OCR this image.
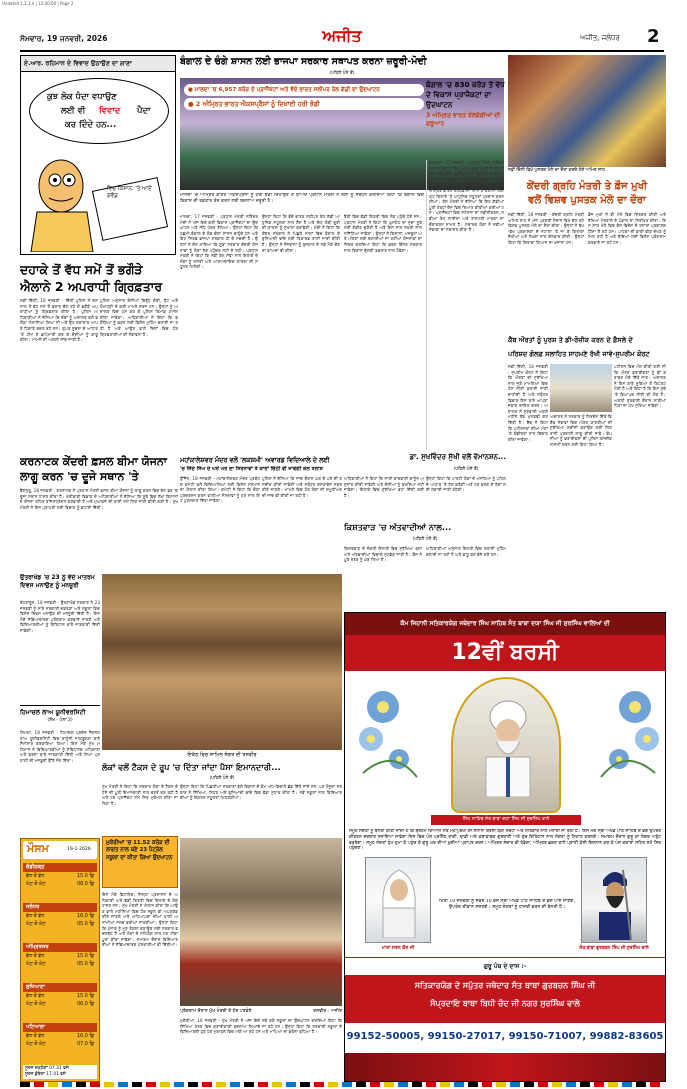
Undated 1.2.3.4 | 12:00:00 | Page 2
ਸੋਮਵਾਰ, 19 ਜਨਵਰੀ, 2026	ਅਜੀਤ	ਅਜੀਤ, ਜਲੰਧਰ 2
ਏ.ਆਰ. ਰਹਿਮਾਨ ਦੇ ਵਿਵਾਦ ਉਠਾਉਣ ਦਾ ਗਾਣਾ
ਕੁਝ ਲੋਕ ਧੰਦਾ ਵਧਾਉਣ
ਲਈ ਵੀ ਵਿਵਾਦ ਪੈਦਾ
ਕਰ ਦਿੰਦੇ ਹਨ...
ਵਿਚ ਕਿਸਾਨ, 'ਤੇ ਆਏ ਗਵੰਡ
ਦਹਾਕੇ ਤੋਂ ਵੱਧ ਸਮੇਂ ਤੋਂ ਭਗੌੜੇ
ਐਲਾਨੇ 2 ਅਪਰਾਧੀ ਗ੍ਰਿਫ਼ਤਾਰ
ਨਵੀਂ ਦਿੱਲੀ, 18 ਜਨਵਰੀ - ਦਿੱਲੀ ਪੁਲਿਸ ਨੇ ਦਸ ਸਾਲ ਤੋਂ ਵੱਧ ਸਮੇਂ ਤੋਂ ਫ਼ਰਾਰ ਚੱਲ ਰਹੇ ਦੋ ਭਗੌੜੇ ਅਪਰਾਧੀਆਂ ਨੂੰ ਗ੍ਰਿਫ਼ਤਾਰ ਕੀਤਾ ਹੈ। ਪੁਲਿਸ ਅਧਿਕਾਰੀਆਂ ਨੇ ਦੱਸਿਆ ਕਿ ਦੋਵਾਂ ਨੂੰ ਅਦਾਲਤ ਵਲੋਂ ਭਗੌੜਾ ਐਲਾਨਿਆ ਗਿਆ ਸੀ ਅਤੇ ਉਹ ਲਗਾਤਾਰ ਆਪਣੇ ਟਿਕਾਣੇ ਬਦਲ ਰਹੇ ਸਨ। ਗੁਪਤ ਸੂਚਨਾ ਦੇ ਆਧਾਰ 'ਤੇ ਟੀਮ ਨੇ ਛਾਪੇਮਾਰੀ ਕਰ ਕੇ ਦੋਸ਼ੀਆਂ ਨੂੰ ਕਾਬੂ ਕੀਤਾ। ਮਾਮਲੇ ਦੀ ਅਗਲੀ ਜਾਂਚ ਜਾਰੀ ਹੈ।
ਪੁਲਿਸ ਅਨੁਸਾਰ ਦੋਸ਼ੀਆਂ ਵਿਰੁੱਧ ਚੋਰੀ, ਲੁੱਟ ਅਤੇ ਧੋਖਾਧੜੀ ਦੇ ਕਈ ਮਾਮਲੇ ਦਰਜ ਹਨ। ਉਨ੍ਹਾਂ ਨੂੰ ਅਦਾਲਤ ਵਿਚ ਪੇਸ਼ ਕਰ ਕੇ ਪੁਲਿਸ ਰਿਮਾਂਡ ਹਾਸਲ ਕੀਤਾ ਜਾਵੇਗਾ। ਅਧਿਕਾਰੀਆਂ ਨੇ ਕਿਹਾ ਕਿ ਭਗੌੜਿਆਂ ਨੂੰ ਫੜਨ ਲਈ ਵਿਸ਼ੇਸ਼ ਮੁਹਿੰਮ ਚਲਾਈ ਜਾ ਰਹੀ ਹੈ ਅਤੇ ਆਉਣ ਵਾਲੇ ਦਿਨਾਂ ਵਿਚ ਹੋਰ ਗ੍ਰਿਫ਼ਤਾਰੀਆਂ ਦੀ ਸੰਭਾਵਨਾ ਹੈ।
ਕਰਨਾਟਕ ਕੇਂਦਰੀ ਫ਼ਸਲ ਬੀਮਾ ਯੋਜਨਾ
ਲਾਗੂ ਕਰਨ 'ਚ ਦੂਜੇ ਸਥਾਨ 'ਤੇ
ਬੈਂਗਲੁਰੂ, 18 ਜਨਵਰੀ - ਕਰਨਾਟਕ ਨੇ ਪ੍ਰਧਾਨ ਮੰਤਰੀ ਫ਼ਸਲ ਬੀਮਾ ਯੋਜਨਾ ਨੂੰ ਲਾਗੂ ਕਰਨ ਵਿਚ ਦੇਸ਼ ਭਰ 'ਚ ਦੂਜਾ ਸਥਾਨ ਹਾਸਲ ਕੀਤਾ ਹੈ। ਖੇਤੀਬਾੜੀ ਵਿਭਾਗ ਦੇ ਅਧਿਕਾਰੀਆਂ ਨੇ ਦੱਸਿਆ ਕਿ ਸੂਬੇ ਵਿਚ ਲੱਖਾਂ ਕਿਸਾਨਾਂ ਨੇ ਯੋਜਨਾ ਤਹਿਤ ਰਜਿਸਟ੍ਰੇਸ਼ਨ ਕਰਵਾਈ ਹੈ ਅਤੇ ਮੁਆਵਜ਼ੇ ਦੀ ਰਾਸ਼ੀ ਸਮੇਂ ਸਿਰ ਜਾਰੀ ਕੀਤੀ ਗਈ ਹੈ। ਮੁੱਖ ਮੰਤਰੀ ਨੇ ਇਸ ਪ੍ਰਾਪਤੀ ਲਈ ਵਿਭਾਗ ਨੂੰ ਵਧਾਈ ਦਿੱਤੀ।
ਉਤਰਾਖੰਡ 'ਚ 23 ਨੂੰ ਵੰਦੇ ਮਾਤਰਮ ਦਿਵਸ ਮਨਾਉਣ ਨੂੰ ਮਨਜ਼ੂਰੀ
ਦੇਹਰਾਦੂਨ, 18 ਜਨਵਰੀ - ਉਤਰਾਖੰਡ ਸਰਕਾਰ ਨੇ 23 ਜਨਵਰੀ ਨੂੰ ਸਾਰੇ ਸਰਕਾਰੀ ਦਫ਼ਤਰਾਂ ਅਤੇ ਸਕੂਲਾਂ ਵਿਚ ਵਿਸ਼ੇਸ਼ ਦਿਵਸ ਮਨਾਉਣ ਦੀ ਮਨਜ਼ੂਰੀ ਦਿੱਤੀ ਹੈ। ਇਸ ਮੌਕੇ ਸੱਭਿਆਚਾਰਕ ਪ੍ਰੋਗਰਾਮ ਕਰਵਾਏ ਜਾਣਗੇ ਅਤੇ ਵਿਦਿਆਰਥੀਆਂ ਨੂੰ ਇਤਿਹਾਸ ਬਾਰੇ ਜਾਣਕਾਰੀ ਦਿੱਤੀ ਜਾਵੇਗੀ।
ਇਕੱਠ ਵਿਚ ਸ਼ਾਮਿਲ ਸੰਗਤ ਦੀ ਤਸਵੀਰ
ਹਿਮਾਚਲ ਲਾਅ ਯੂਨੀਵਰਸਿਟੀ
(ਲੇਖ - ਪੰਨਾ 2)
ਸ਼ਿਮਲਾ, 18 ਜਨਵਰੀ - ਹਿਮਾਚਲ ਪ੍ਰਦੇਸ਼ ਨੈਸ਼ਨਲ ਲਾਅ ਯੂਨੀਵਰਸਿਟੀ ਵਿਚ ਕਾਨੂੰਨੀ ਜਾਗਰੂਕਤਾ ਬਾਰੇ ਸੈਮੀਨਾਰ ਕਰਵਾਇਆ ਗਿਆ। ਇਸ ਮੌਕੇ ਮੁੱਖ ਮਹਿਮਾਨ ਨੇ ਵਿਦਿਆਰਥੀਆਂ ਨੂੰ ਸੰਵਿਧਾਨਕ ਅਧਿਕਾਰਾਂ ਅਤੇ ਫ਼ਰਜ਼ਾਂ ਬਾਰੇ ਜਾਣਕਾਰੀ ਦਿੱਤੀ ਅਤੇ ਨਿਆਂ ਪ੍ਰਣਾਲੀ ਦੀ ਮਜ਼ਬੂਤੀ ਉੱਤੇ ਜ਼ੋਰ ਦਿੱਤਾ।
ਮੌਸਮ	19-1-2026
ਚੰਡੀਗੜ੍ਹ
ਵੱਧ ਤੋਂ ਵੱਧ	15.0 ਡਿ
ਘੱਟ ਤੋਂ ਘੱਟ	08.0 ਡਿ
ਜਲੰਧਰ
ਵੱਧ ਤੋਂ ਵੱਧ	16.0 ਡਿ
ਘੱਟ ਤੋਂ ਘੱਟ	05.0 ਡਿ
ਅੰਮ੍ਰਿਤਸਰ
ਵੱਧ ਤੋਂ ਵੱਧ	15.0 ਡਿ
ਘੱਟ ਤੋਂ ਘੱਟ	05.0 ਡਿ
ਲੁਧਿਆਣਾ
ਵੱਧ ਤੋਂ ਵੱਧ	15.0 ਡਿ
ਘੱਟ ਤੋਂ ਘੱਟ	06.0 ਡਿ
ਪਟਿਆਲਾ
ਵੱਧ ਤੋਂ ਵੱਧ	16.0 ਡਿ
ਘੱਟ ਤੋਂ ਘੱਟ	07.0 ਡਿ
ਸੂਰਜ ਚੜ੍ਹੇਗਾ 07.31 ਵਜੇ
ਸੂਰਜ ਡੁੱਬੇਗਾ 17.41 ਵਜੇ
ਲੋਕਾਂ ਵਲੋਂ ਟੈਕਸ ਦੇ ਰੂਪ 'ਚ ਦਿੱਤਾ ਜਾਂਦਾ ਪੈਸਾ ਇਮਾਨਦਾਰੀ...
(ਪਹਿਲੇ ਪੰਨੇ ਤੋਂ)
ਮੁੱਖ ਮੰਤਰੀ ਨੇ ਕਿਹਾ ਕਿ ਸਰਕਾਰ ਲੋਕਾਂ ਦੇ ਟੈਕਸ ਦੇ ਪੈਸੇ ਦੀ ਪੂਰੀ ਇਮਾਨਦਾਰੀ ਨਾਲ ਵਰਤੋਂ ਕਰ ਰਹੀ ਹੈ ਅਤੇ ਹਰ ਪ੍ਰਾਜੈਕਟ ਸਮੇਂ ਸਿਰ ਮੁਕੰਮਲ ਕੀਤਾ ਜਾ ਰਿਹਾ ਹੈ।
ਮੁਕੇਰੀਆਂ 'ਚ 11.52 ਕਰੋੜ ਦੀ ਲਾਗਤ ਨਾਲ ਬਣੇ 23 ਪੈਟ੍ਰੋਲ ਸਕੂਲਾਂ ਦਾ ਕੀਤਾ ਗਿਆ ਉਦਘਾਟਨ
ਉਨ੍ਹਾਂ ਕਿਹਾ ਕਿ ਪਿਛਲੀਆਂ ਸਰਕਾਰਾਂ ਵੇਲੇ ਵਿਕਾਸ ਦੇ ਕੰਮ ਅੱਧ-ਵਿਚਾਲੇ ਛੱਡ ਦਿੱਤੇ ਜਾਂਦੇ ਸਨ, ਪਰ ਮੌਜੂਦਾ ਸਰਕਾਰ ਨੇ ਸਿੱਖਿਆ, ਸਿਹਤ ਅਤੇ ਬੁਨਿਆਦੀ ਢਾਂਚੇ ਵਿਚ ਵੱਡਾ ਸੁਧਾਰ ਕੀਤਾ ਹੈ। ਨਵੇਂ ਸਕੂਲਾਂ ਨਾਲ ਵਿਦਿਆਰਥੀਆਂ ਨੂੰ ਬਿਹਤਰ ਸਹੂਲਤਾਂ ਮਿਲਣਗੀਆਂ।
ਇਸ ਮੌਕੇ ਵਿਧਾਇਕ, ਜ਼ਿਲ੍ਹਾ ਪ੍ਰਸ਼ਾਸਨ ਦੇ ਅਧਿਕਾਰੀ ਅਤੇ ਵੱਡੀ ਗਿਣਤੀ ਵਿਚ ਇਲਾਕੇ ਦੇ ਲੋਕ ਹਾਜ਼ਰ ਸਨ। ਮੁੱਖ ਮੰਤਰੀ ਨੇ ਐਲਾਨ ਕੀਤਾ ਕਿ ਆਉਣ ਵਾਲੇ ਮਹੀਨਿਆਂ ਵਿਚ ਹੋਰ ਸਕੂਲ ਵੀ ਅਪਗ੍ਰੇਡ ਕੀਤੇ ਜਾਣਗੇ ਅਤੇ ਅਧਿਆਪਕਾਂ ਦੀਆਂ ਖ਼ਾਲੀ ਅਸਾਮੀਆਂ ਜਲਦ ਭਰੀਆਂ ਜਾਣਗੀਆਂ। ਉਨ੍ਹਾਂ ਕਿਹਾ ਕਿ ਪੰਜਾਬ ਨੂੰ ਮੁੜ ਰੰਗਲਾ ਬਣਾਉਣ ਲਈ ਸਰਕਾਰ ਵਚਨਬੱਧ ਹੈ ਅਤੇ ਲੋਕਾਂ ਦੇ ਸਹਿਯੋਗ ਨਾਲ ਹਰ ਟੀਚਾ ਪੂਰਾ ਕੀਤਾ ਜਾਵੇਗਾ। ਸਮਾਗਮ ਦੌਰਾਨ ਵਿਦਿਆਰਥੀਆਂ ਨੇ ਸੱਭਿਆਚਾਰਕ ਪੇਸ਼ਕਾਰੀਆਂ ਵੀ ਦਿੱਤੀਆਂ।
ਪ੍ਰੋਗਰਾਮ ਦੌਰਾਨ ਮੁੱਖ ਮੰਤਰੀ ਤੇ ਹੋਰ ਪਤਵੰਤੇ	ਤਸਵੀਰ : ਅਜੀਤ
ਮੁਕੇਰੀਆਂ, 18 ਜਨਵਰੀ - ਮੁੱਖ ਮੰਤਰੀ ਨੇ ਅੱਜ ਇਥੇ ਨਵੇਂ ਬਣੇ ਸਕੂਲਾਂ ਦਾ ਉਦਘਾਟਨ ਕਰਦਿਆਂ ਕਿਹਾ ਕਿ ਸਿੱਖਿਆ ਖੇਤਰ ਵਿਚ ਕ੍ਰਾਂਤੀਕਾਰੀ ਬਦਲਾਅ ਲਿਆਂਦੇ ਜਾ ਰਹੇ ਹਨ। ਉਨ੍ਹਾਂ ਕਿਹਾ ਕਿ ਸਰਕਾਰੀ ਸਕੂਲਾਂ ਦੇ ਵਿਦਿਆਰਥੀ ਹੁਣ ਹਰ ਮੁਕਾਬਲੇ ਵਿਚ ਅੱਗੇ ਆ ਰਹੇ ਹਨ ਅਤੇ ਮਾਪਿਆਂ ਦਾ ਭਰੋਸਾ ਵਧਿਆ ਹੈ।
ਬੰਗਾਲ ਦੇ ਚੰਗੇ ਸ਼ਾਸਨ ਲਈ ਭਾਜਪਾ ਸਰਕਾਰ ਸਥਾਪਤ ਕਰਨਾ ਜ਼ਰੂਰੀ-ਮੋਦੀ
(ਪਹਿਲੇ ਪੰਨੇ ਤੋਂ)
● ਮਾਲਦਾ 'ਚ 6,957 ਕਰੋੜ ਦੇ ਪ੍ਰਾਜੈਕਟਾਂ ਅਤੇ ਵੰਦੇ ਭਾਰਤ ਸਲੀਪਰ ਰੇਲ ਗੱਡੀ ਦਾ ਉਦਘਾਟਨ
● 2 ਅੰਮ੍ਰਿਤ ਭਾਰਤ ਐਕਸਪ੍ਰੈਸਾਂ ਨੂੰ ਦਿਖਾਈ ਹਰੀ ਝੰਡੀ
ਮਾਲਦਾ 'ਚ ਅੰਮ੍ਰਿਤ ਭਾਰਤ ਐਕਸਪ੍ਰੈਸਾਂ ਨੂੰ ਹਰੀ ਝੰਡੀ ਦਿਖਾਉਣ ਤੋਂ ਬਾਅਦ ਪ੍ਰਧਾਨ ਮੰਤਰੀ ਨੇ ਰੈਲੀ ਨੂੰ ਸੰਬੋਧਨ ਕਰਦਿਆਂ ਕਿਹਾ ਕਿ ਬੰਗਾਲ ਵਿਚ ਵਿਕਾਸ ਦੀ ਰਫ਼ਤਾਰ ਤੇਜ਼ ਕਰਨ ਲਈ ਬਦਲਾਅ ਜ਼ਰੂਰੀ ਹੈ।
ਮਾਲਦਾ, 17 ਜਨਵਰੀ - ਪ੍ਰਧਾਨ ਮੰਤਰੀ ਨਰਿੰਦਰ ਮੋਦੀ ਨੇ ਅੱਜ ਇਥੇ ਕਈ ਵਿਕਾਸ ਪ੍ਰਾਜੈਕਟਾਂ ਦਾ ਉਦਘਾਟਨ ਅਤੇ ਨੀਂਹ ਪੱਥਰ ਰੱਖਿਆ। ਉਨ੍ਹਾਂ ਕਿਹਾ ਕਿ ਪੱਛਮੀ ਬੰਗਾਲ ਦੇ ਲੋਕ ਚੰਗਾ ਸ਼ਾਸਨ ਚਾਹੁੰਦੇ ਹਨ ਅਤੇ ਇਹ ਸਿਰਫ਼ ਭਾਜਪਾ ਸਰਕਾਰ ਹੀ ਦੇ ਸਕਦੀ ਹੈ। ਉਨ੍ਹਾਂ ਨੇ ਦੋਸ਼ ਲਾਇਆ ਕਿ ਸੂਬਾ ਸਰਕਾਰ ਕੇਂਦਰੀ ਯੋਜਨਾਵਾਂ ਨੂੰ ਲੋਕਾਂ ਤੱਕ ਪਹੁੰਚਣ ਨਹੀਂ ਦੇ ਰਹੀ। ਪ੍ਰਧਾਨ ਮੰਤਰੀ ਨੇ ਕਿਹਾ ਕਿ ਨਵੀਂ ਰੇਲ ਸੇਵਾ ਨਾਲ ਇਲਾਕੇ ਦੇ ਲੋਕਾਂ ਨੂੰ ਸਸਤੀ ਅਤੇ ਆਰਾਮਦਾਇਕ ਯਾਤਰਾ ਦੀ ਸਹੂਲਤ ਮਿਲੇਗੀ।
ਉਨ੍ਹਾਂ ਕਿਹਾ ਕਿ ਵੰਦੇ ਭਾਰਤ ਸਲੀਪਰ ਰੇਲ ਗੱਡੀ ਆਧੁਨਿਕ ਸਹੂਲਤਾਂ ਨਾਲ ਲੈਸ ਹੈ ਅਤੇ ਇਹ ਲੰਬੀ ਦੂਰੀ ਦੀ ਯਾਤਰਾ ਨੂੰ ਸੁਖਾਲਾ ਬਣਾਵੇਗੀ। ਮੋਦੀ ਨੇ ਕਿਹਾ ਕਿ ਕੇਂਦਰ ਸਰਕਾਰ ਨੇ ਪਿਛਲੇ ਸਾਲਾਂ ਵਿਚ ਬੰਗਾਲ ਦੇ ਬੁਨਿਆਦੀ ਢਾਂਚੇ ਲਈ ਰਿਕਾਰਡ ਰਾਸ਼ੀ ਜਾਰੀ ਕੀਤੀ ਹੈ। ਉਨ੍ਹਾਂ ਨੇ ਨੌਜਵਾਨਾਂ ਨੂੰ ਰੁਜ਼ਗਾਰ ਦੇ ਨਵੇਂ ਮੌਕੇ ਦੇਣ ਦਾ ਵਾਅਦਾ ਵੀ ਕੀਤਾ।
ਰੈਲੀ ਵਿਚ ਵੱਡੀ ਗਿਣਤੀ ਵਿਚ ਲੋਕ ਪਹੁੰਚੇ ਹੋਏ ਸਨ। ਪ੍ਰਧਾਨ ਮੰਤਰੀ ਨੇ ਕਿਹਾ ਕਿ ਘੁਸਪੈਠ ਦਾ ਮੁੱਦਾ ਸੂਬੇ ਲਈ ਗੰਭੀਰ ਚੁਣੌਤੀ ਹੈ ਅਤੇ ਇਸ ਨਾਲ ਸਖ਼ਤੀ ਨਾਲ ਨਜਿੱਠਿਆ ਜਾਵੇਗਾ। ਉਨ੍ਹਾਂ ਨੇ ਕਿਸਾਨਾਂ, ਮਜ਼ਦੂਰਾਂ ਅਤੇ ਔਰਤਾਂ ਲਈ ਚਲਾਈਆਂ ਜਾ ਰਹੀਆਂ ਯੋਜਨਾਵਾਂ ਦਾ ਜ਼ਿਕਰ ਕਰਦਿਆਂ ਕਿਹਾ ਕਿ ਡਬਲ ਇੰਜਣ ਸਰਕਾਰ ਨਾਲ ਵਿਕਾਸ ਦੁੱਗਣੀ ਰਫ਼ਤਾਰ ਨਾਲ ਹੋਵੇਗਾ।
ਬੰਗਾਲ 'ਚ 830 ਕਰੋੜ ਤੋਂ ਵੱਧ ਦੇ ਵਿਕਾਸ ਪ੍ਰਾਜੈਕਟਾਂ ਦਾ ਉਦਘਾਟਨ
3 ਅੰਮ੍ਰਿਤ ਭਾਰਤ ਰੇਲਗੱਡੀਆਂ ਦੀ ਸ਼ੁਰੂਆਤ
ਕੋਲਕਾਤਾ, 17 ਜਨਵਰੀ - ਪ੍ਰਧਾਨ ਮੰਤਰੀ ਨਰਿੰਦਰ ਮੋਦੀ ਨੇ ਬੰਗਾਲ ਵਿਚ 830 ਕਰੋੜ ਰੁਪਏ ਤੋਂ ਵੱਧ ਦੇ ਰੇਲ ਅਤੇ ਸੜਕ ਪ੍ਰਾਜੈਕਟਾਂ ਦਾ ਉਦਘਾਟਨ ਕੀਤਾ। ਇਨ੍ਹਾਂ ਪ੍ਰਾਜੈਕਟਾਂ ਨਾਲ ਉੱਤਰੀ ਬੰਗਾਲ ਦੀ ਸੰਪਰਕ ਵਿਵਸਥਾ ਮਜ਼ਬੂਤ ਹੋਵੇਗੀ। ਤਿੰਨ ਨਵੀਆਂ ਅੰਮ੍ਰਿਤ ਭਾਰਤ ਰੇਲਗੱਡੀਆਂ ਆਮ ਯਾਤਰੀਆਂ ਲਈ ਘੱਟ ਕਿਰਾਏ 'ਤੇ ਆਧੁਨਿਕ ਸਹੂਲਤਾਂ ਪ੍ਰਦਾਨ ਕਰਨਗੀਆਂ। ਰੇਲ ਮੰਤਰੀ ਨੇ ਦੱਸਿਆ ਕਿ ਇਹ ਗੱਡੀਆਂ ਪੂਰੀ ਤਰ੍ਹਾਂ ਦੇਸ਼ ਵਿਚ ਤਿਆਰ ਕੀਤੀਆਂ ਗਈਆਂ ਹਨ। ਪ੍ਰਾਜੈਕਟਾਂ ਵਿਚ ਸਟੇਸ਼ਨਾਂ ਦਾ ਨਵੀਨੀਕਰਨ, ਨਵੀਆਂ ਰੇਲ ਲਾਈਨਾਂ ਅਤੇ ਰਾਸ਼ਟਰੀ ਮਾਰਗਾਂ ਦਾ ਚੌੜਾਕਰਨ ਸ਼ਾਮਲ ਹੈ। ਸਥਾਨਕ ਲੋਕਾਂ ਨੇ ਨਵੀਆਂ ਸੇਵਾਵਾਂ ਦਾ ਸਵਾਗਤ ਕੀਤਾ ਹੈ।
ਮਹਾਂਕਾਲੇਸ਼ਵਰ ਮੰਦਰ ਵਲੋਂ 'ਲਕਸ਼ਮੀ' ਅਵਾਰਡ ਵਿਦਿਆਲੇ ਦੇ ਲਈ
'ਚ ਜਿੰਦੇ ਸਿੰਘ ਦੇ ਘਰੋਂ ਘਰ ਦਾ ਸਿਰਨਾਵਾਂ ਤੇ ਕਾਰਾਂ ਚਿੱਠੀ ਵੀ ਜਾਵੇਗੀ ਕੋਲ ਤਲਾਸ਼
ਉੱਜੈਨ, 18 ਜਨਵਰੀ - ਮਹਾਂਕਾਲੇਸ਼ਵਰ ਮੰਦਰ ਪ੍ਰਬੰਧਕ ਕਮੇਟੀ ਵਲੋਂ ਵਿਦਿਆਲਿਆਂ ਲਈ ਵਿਸ਼ੇਸ਼ ਸਨਮਾਨ ਦਾ ਐਲਾਨ ਕੀਤਾ ਗਿਆ। ਕਮੇਟੀ ਨੇ ਕਿਹਾ ਕਿ ਚੰਗਾ ਪ੍ਰਦਰਸ਼ਨ ਕਰਨ ਵਾਲੀਆਂ ਸੰਸਥਾਵਾਂ ਨੂੰ ਹਰ ਸਾਲ ਇਹ ਪੁਰਸਕਾਰ ਦਿੱਤਾ ਜਾਵੇਗਾ।
ਪੁਲਿਸ ਨੇ ਦੱਸਿਆ ਕਿ ਜਾਂਚ ਦੌਰਾਨ ਘਰ ਦੇ ਪਤੇ ਦੀ ਤਸਦੀਕ ਕੀਤੀ ਜਾਵੇਗੀ ਅਤੇ ਸਬੰਧਤ ਦਸਤਾਵੇਜ਼ ਜ਼ਬਤ ਕੀਤੇ ਜਾਣਗੇ। ਮਾਮਲੇ ਵਿਚ ਹੋਰ ਲੋਕਾਂ ਦੀ ਸ਼ਮੂਲੀਅਤ ਦੀ ਜਾਂਚ ਵੀ ਕੀਤੀ ਜਾ ਰਹੀ ਹੈ।
ਅਧਿਕਾਰੀਆਂ ਨੇ ਕਿਹਾ ਕਿ ਸਾਰੀ ਕਾਰਵਾਈ ਕਾਨੂੰਨ ਅਨੁਸਾਰ ਕੀਤੀ ਜਾਵੇਗੀ ਅਤੇ ਦੋਸ਼ੀਆਂ ਨੂੰ ਬਖ਼ਸ਼ਿਆ ਨਹੀਂ ਜਾਵੇਗਾ। ਇਲਾਕੇ ਵਿਚ ਸੁਰੱਖਿਆ ਵਧਾ ਦਿੱਤੀ ਗਈ ਹੈ।
ਡਾ. ਸੁਖਵਿੰਦਰ ਸੁੱਖੀ ਵਲੋਂ ਵੋਮਾਨਸ਼ਨ...
(ਪਹਿਲੇ ਪੰਨੇ ਤੋਂ)
ਉਨ੍ਹਾਂ ਕਿਹਾ ਕਿ ਪਾਰਟੀ ਲੋਕਾਂ ਦੇ ਮਸਲਿਆਂ ਨੂੰ ਪਹਿਲ ਦੇ ਆਧਾਰ 'ਤੇ ਹੱਲ ਕਰੇਗੀ ਅਤੇ ਹਰ ਵਰਗ ਦੇ ਹੱਕਾਂ ਲਈ ਲੜਾਈ ਜਾਰੀ ਰਹੇਗੀ।
ਕਿਸ਼ਤਵਾੜ 'ਚ ਅੱਤਵਾਦੀਆਂ ਨਾਲ...
(ਪਹਿਲੇ ਪੰਨੇ ਤੋਂ)
ਕਿਸ਼ਤਵਾੜ ਦੇ ਜੰਗਲੀ ਇਲਾਕੇ ਵਿਚ ਸੁਰੱਖਿਆ ਬਲਾਂ ਅਤੇ ਅੱਤਵਾਦੀਆਂ ਵਿਚਾਲੇ ਮੁੱਠਭੇੜ ਜਾਰੀ ਹੈ। ਫ਼ੌਜ ਨੇ ਪੂਰੇ ਖੇਤਰ ਨੂੰ ਘੇਰ ਲਿਆ ਹੈ।
ਅਧਿਕਾਰੀਆਂ ਅਨੁਸਾਰ ਇਲਾਕੇ ਵਿਚ ਤਲਾਸ਼ੀ ਮੁਹਿੰਮ ਚਲਾਈ ਜਾ ਰਹੀ ਹੈ ਅਤੇ ਵਾਧੂ ਬਲ ਭੇਜੇ ਗਏ ਹਨ।
ਨਵੀਂ ਦਿੱਲੀ ਵਿਖੇ ਪੁਸਤਕ ਮੇਲੇ ਦਾ ਦੌਰਾ ਕਰਦੇ ਹੋਏ ਅਮਿਤ ਸ਼ਾਹ
ਕੇਂਦਰੀ ਗ੍ਰਹਿ ਮੰਤਰੀ ਤੇ ਫ਼ੌਜ ਮੁਖੀ
ਵਲੋਂ ਵਿਸ਼ਵ ਪੁਸਤਕ ਮੇਲੇ ਦਾ ਦੌਰਾ
ਨਵੀਂ ਦਿੱਲੀ, 18 ਜਨਵਰੀ - ਕੇਂਦਰੀ ਗ੍ਰਹਿ ਮੰਤਰੀ ਅਮਿਤ ਸ਼ਾਹ ਨੇ ਅੱਜ ਪ੍ਰਗਤੀ ਮੈਦਾਨ ਵਿਖੇ ਚੱਲ ਰਹੇ ਵਿਸ਼ਵ ਪੁਸਤਕ ਮੇਲੇ ਦਾ ਦੌਰਾ ਕੀਤਾ। ਉਨ੍ਹਾਂ ਨੇ ਵੱਖ-ਵੱਖ ਪ੍ਰਕਾਸ਼ਕਾਂ ਦੇ ਸਟਾਲਾਂ 'ਤੇ ਜਾ ਕੇ ਕਿਤਾਬਾਂ ਦੇਖੀਆਂ ਅਤੇ ਲੇਖਕਾਂ ਨਾਲ ਗੱਲਬਾਤ ਕੀਤੀ। ਉਨ੍ਹਾਂ ਕਿਹਾ ਕਿ ਕਿਤਾਬਾਂ ਗਿਆਨ ਦਾ ਖ਼ਜ਼ਾਨਾ ਹਨ।
ਫ਼ੌਜ ਮੁਖੀ ਨੇ ਵੀ ਮੇਲੇ ਵਿਚ ਸ਼ਿਰਕਤ ਕੀਤੀ ਅਤੇ ਰੱਖਿਆ ਮੰਤਰਾਲੇ ਦੇ ਪੰਡਾਲ ਦਾ ਨਿਰੀਖਣ ਕੀਤਾ। ਇਸ ਸਾਲ ਮੇਲੇ ਵਿਚ ਦੇਸ਼-ਵਿਦੇਸ਼ ਦੇ ਹਜ਼ਾਰਾਂ ਪ੍ਰਕਾਸ਼ਕ ਹਿੱਸਾ ਲੈ ਰਹੇ ਹਨ। ਪਾਠਕਾਂ ਦੀ ਭਾਰੀ ਭੀੜ ਦੇਖਣ ਨੂੰ ਮਿਲ ਰਹੀ ਹੈ ਅਤੇ ਬੱਚਿਆਂ ਲਈ ਵਿਸ਼ੇਸ਼ ਪ੍ਰੋਗਰਾਮ ਕਰਵਾਏ ਜਾ ਰਹੇ ਹਨ।
ਕੈਬ ਔਰਤਾਂ ਨੂੰ ਪੁਰਸ਼ ਤੇ ਡੀ-ਰੋਜ਼ੀਕ ਕਰਨ ਦੇ ਫ਼ੈਸਲੇ ਦੇ
ਪਰਿਸ਼ਦ ਗੋਲਫ਼ ਸਲਾਹਿਤ ਸਾਹਮਣੇ ਰੱਖੀ ਜਾਵੇ-ਸੁਪਰੀਮ ਕੋਰਟ
ਨਵੀਂ ਦਿੱਲੀ, 18 ਜਨਵਰੀ - ਸੁਪਰੀਮ ਕੋਰਟ ਨੇ ਕਿਹਾ ਕਿ ਔਰਤਾਂ ਦੀ ਸੁਰੱਖਿਆ ਨਾਲ ਜੁੜੇ ਮਾਮਲਿਆਂ ਵਿਚ ਠੋਸ ਨੀਤੀ ਬਣਾਈ ਜਾਣੀ ਚਾਹੀਦੀ ਹੈ ਅਤੇ ਸਬੰਧਤ ਵਿਭਾਗ ਇਸ ਬਾਰੇ ਆਪਣਾ ਜਵਾਬ ਦਾਇਰ ਕਰਨ। ਅਦਾਲਤ ਨੇ ਸੁਣਵਾਈ ਅਗਲੇ ਮਹੀਨੇ ਤੱਕ ਮੁਲਤਵੀ ਕਰ ਦਿੱਤੀ ਹੈ। ਬੈਂਚ ਨੇ ਕਿਹਾ ਕਿ ਪਟੀਸ਼ਨਰਾਂ ਦੀਆਂ ਮੰਗਾਂ 'ਤੇ ਗੰਭੀਰਤਾ ਨਾਲ ਵਿਚਾਰ ਕੀਤਾ ਜਾਵੇਗਾ।
ਅਦਾਲਤ ਨੇ ਸਰਕਾਰ ਨੂੰ ਨਿਰਦੇਸ਼ ਦਿੱਤੇ ਕਿ ਕੈਬ ਸੇਵਾਵਾਂ ਵਿਚ ਔਰਤ ਯਾਤਰੀਆਂ ਦੀ ਸੁਰੱਖਿਆ ਯਕੀਨੀ ਬਣਾਉਣ ਲਈ ਨਿਗਰਾਨੀ ਪ੍ਰਣਾਲੀ ਲਾਗੂ ਕੀਤੀ ਜਾਵੇ। ਕੰਪਨੀਆਂ ਨੂੰ ਡਰਾਈਵਰਾਂ ਦੀ ਪੁਲਿਸ ਤਸਦੀਕ ਲਾਜ਼ਮੀ ਕਰਨ ਲਈ ਕਿਹਾ ਗਿਆ ਹੈ।
ਪਟੀਸ਼ਨ ਵਿਚ ਮੰਗ ਕੀਤੀ ਗਈ ਸੀ ਕਿ ਔਰਤ ਡਰਾਈਵਰਾਂ ਨੂੰ ਵੀ ਬਰਾਬਰ ਮੌਕੇ ਦਿੱਤੇ ਜਾਣ। ਅਦਾਲਤ ਨੇ ਇਸ ਬਾਰੇ ਸੂਬਿਆਂ ਤੋਂ ਰਿਪੋਰਟ ਮੰਗੀ ਹੈ ਅਤੇ ਕਿਹਾ ਹੈ ਕਿ ਇਸ ਮੁੱਦੇ 'ਤੇ ਵਿਆਪਕ ਨੀਤੀ ਦੀ ਲੋੜ ਹੈ। ਅਗਲੀ ਸੁਣਵਾਈ ਦੌਰਾਨ ਸਾਰੀਆਂ ਧਿਰਾਂ ਦਾ ਪੱਖ ਸੁਣਿਆ ਜਾਵੇਗਾ।
ਕੌਮ ਜਿਹਾਨੀ ਸਤਿਕਾਰਯੋਗ ਜਥੇਦਾਰ ਸਿੰਘ ਸਾਹਿਬ ਸੰਤ ਬਾਬਾ ਦਯਾ ਸਿੰਘ ਜੀ ਸੁਰਸਿੰਘ ਵਾਲਿਆਂ ਦੀ
12ਵੀਂ ਬਰਸੀ
ਸਿੰਘ ਸਾਹਿਬ ਸੰਤ ਬਾਬਾ ਦਯਾ ਸਿੰਘ ਜੀ ਸੁਰਸਿੰਘ ਵਾਲੇ
ਸਮੂਹ ਸੰਗਤਾਂ ਨੂੰ ਬੇਨਤੀ ਕੀਤੀ ਜਾਂਦੀ ਹੈ ਕਿ ਬ੍ਰਹਮ ਗਿਆਨੀ ਸੰਤ ਮਹਾਂਪੁਰਖਾਂ ਦੀ ਸਲਾਨਾ ਬਰਸੀ ਬੜੀ ਸ਼ਰਧਾ ਅਤੇ ਸਤਿਕਾਰ ਨਾਲ ਮਨਾਈ ਜਾ ਰਹੀ ਹੈ। ਇਸ ਮੌਕੇ ਸ੍ਰੀ ਅਖੰਡ ਪਾਠ ਸਾਹਿਬ ਦੇ ਭੋਗ ਉਪਰੰਤ ਕੀਰਤਨ ਦਰਬਾਰ ਸਜਾਇਆ ਜਾਵੇਗਾ ਜਿਸ ਵਿਚ ਪੰਥ ਪ੍ਰਸਿੱਧ ਰਾਗੀ, ਢਾਡੀ ਅਤੇ ਕਥਾਵਾਚਕ ਗੁਰਬਾਣੀ ਅਤੇ ਗੁਰ ਇਤਿਹਾਸ ਨਾਲ ਸੰਗਤਾਂ ਨੂੰ ਨਿਹਾਲ ਕਰਨਗੇ। ਸਮਾਗਮ ਦੌਰਾਨ ਗੁਰੂ ਕਾ ਲੰਗਰ ਅਤੁੱਟ ਵਰਤੇਗਾ। ਸਮੂਹ ਸੰਗਤਾਂ ਹੁੰਮ-ਹੁਮਾ ਕੇ ਪਹੁੰਚ ਕੇ ਗੁਰੂ ਘਰ ਦੀਆਂ ਖ਼ੁਸ਼ੀਆਂ ਪ੍ਰਾਪਤ ਕਰਨ। ਅੰਮ੍ਰਿਤ ਸੰਚਾਰ ਵੀ ਹੋਵੇਗਾ, ਅੰਮ੍ਰਿਤ ਛਕਣ ਵਾਲੇ ਪ੍ਰਾਣੀ ਕੇਸੀ ਇਸ਼ਨਾਨ ਕਰ ਕੇ ਪੰਜ ਕਕਾਰਾਂ ਸਹਿਤ ਸਮੇਂ ਸਿਰ ਪਹੁੰਚਣ।
ਮਾਤਾ ਸਰਨ ਕੌਰ ਜੀ	ਸੰਤ ਬਾਬਾ ਗੁਰਬਚਨ ਸਿੰਘ ਜੀ ਸੁਰਸਿੰਘ ਵਾਲੇ
ਮਿਤੀ 19 ਜਨਵਰੀ ਨੂੰ ਸਵੇਰੇ 10 ਵਜੇ ਸ੍ਰੀ ਅਖੰਡ ਪਾਠ ਸਾਹਿਬ ਦੇ ਭੋਗ ਪਾਏ ਜਾਣਗੇ, ਉਪਰੰਤ ਦੀਵਾਨ ਸਜਣਗੇ। ਸਮੂਹ ਸੰਗਤਾਂ ਨੂੰ ਹਾਜ਼ਰੀ ਭਰਨ ਦੀ ਬੇਨਤੀ ਹੈ।
ਗੁਰੂ ਪੰਥ ਦੇ ਦਾਸ :-
ਸਤਿਕਾਰਯੋਗ ਦੇ ਸਪੁੱਤਰ ਜਥੇਦਾਰ ਸੰਤ ਬਾਬਾ ਗੁਰਬਚਨ ਸਿੰਘ ਜੀ
ਸੰਪ੍ਰਦਾਇ ਬਾਬਾ ਬਿਧੀ ਚੰਦ ਜੀ ਨਗਰ ਸੁਰਸਿੰਘ ਵਾਲੇ
99152-50005, 99150-27017, 99150-71007, 99882-83605
